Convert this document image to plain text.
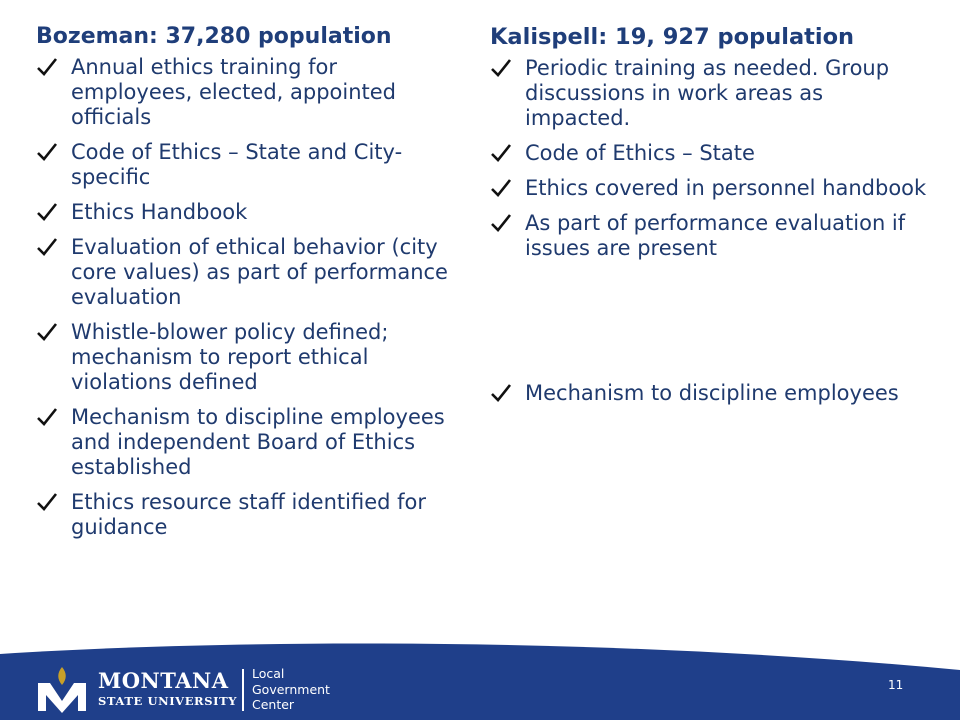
Bozeman: 37,280 population
Annual ethics training for employees, elected, appointed officials
Code of Ethics – State and City-specific
Ethics Handbook
Evaluation of ethical behavior (city core values) as part of performance evaluation
Whistle-blower policy defined; mechanism to report ethical violations defined
Mechanism to discipline employees and independent Board of Ethics established
Ethics resource staff identified for guidance
Kalispell: 19, 927 population
Periodic training as needed. Group discussions in work areas as impacted.
Code of Ethics – State
Ethics covered in personnel handbook
As part of performance evaluation if issues are present
Mechanism to discipline employees
MONTANA
STATE UNIVERSITY
Local
Government
Center
11
